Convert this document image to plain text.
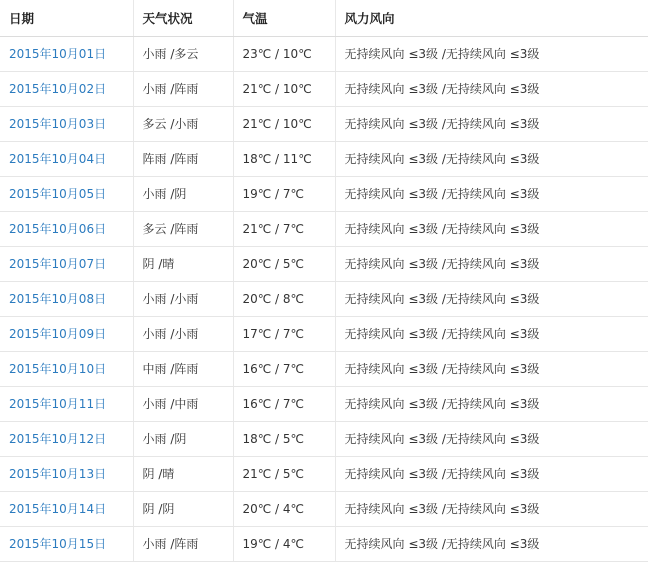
日期	天气状况	气温	风力风向
2015年10月01日	小雨 /多云	23℃ / 10℃	无持续风向 ≤3级 /无持续风向 ≤3级
2015年10月02日	小雨 /阵雨	21℃ / 10℃	无持续风向 ≤3级 /无持续风向 ≤3级
2015年10月03日	多云 /小雨	21℃ / 10℃	无持续风向 ≤3级 /无持续风向 ≤3级
2015年10月04日	阵雨 /阵雨	18℃ / 11℃	无持续风向 ≤3级 /无持续风向 ≤3级
2015年10月05日	小雨 /阴	19℃ / 7℃	无持续风向 ≤3级 /无持续风向 ≤3级
2015年10月06日	多云 /阵雨	21℃ / 7℃	无持续风向 ≤3级 /无持续风向 ≤3级
2015年10月07日	阴 /晴	20℃ / 5℃	无持续风向 ≤3级 /无持续风向 ≤3级
2015年10月08日	小雨 /小雨	20℃ / 8℃	无持续风向 ≤3级 /无持续风向 ≤3级
2015年10月09日	小雨 /小雨	17℃ / 7℃	无持续风向 ≤3级 /无持续风向 ≤3级
2015年10月10日	中雨 /阵雨	16℃ / 7℃	无持续风向 ≤3级 /无持续风向 ≤3级
2015年10月11日	小雨 /中雨	16℃ / 7℃	无持续风向 ≤3级 /无持续风向 ≤3级
2015年10月12日	小雨 /阴	18℃ / 5℃	无持续风向 ≤3级 /无持续风向 ≤3级
2015年10月13日	阴 /晴	21℃ / 5℃	无持续风向 ≤3级 /无持续风向 ≤3级
2015年10月14日	阴 /阴	20℃ / 4℃	无持续风向 ≤3级 /无持续风向 ≤3级
2015年10月15日	小雨 /阵雨	19℃ / 4℃	无持续风向 ≤3级 /无持续风向 ≤3级
